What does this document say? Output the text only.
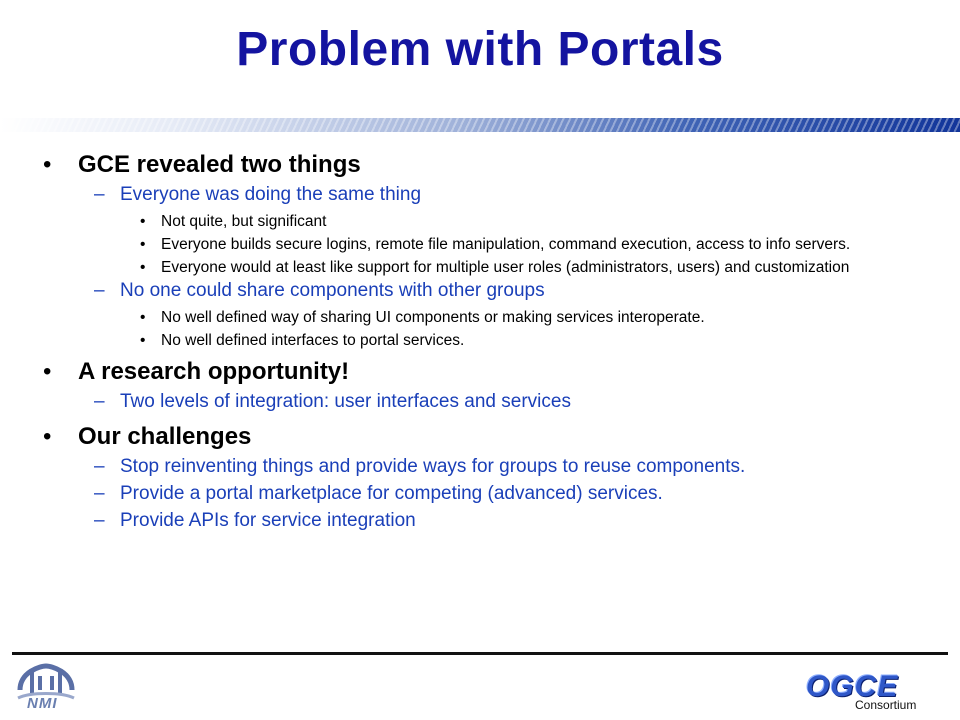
Problem with Portals
• GCE revealed two things
– Everyone was doing the same thing
• Not quite, but significant
• Everyone builds secure logins, remote file manipulation, command execution, access to info servers.
• Everyone would at least like support for multiple user roles (administrators, users) and customization
– No one could share components with other groups
• No well defined way of sharing UI components or making services interoperate.
• No well defined interfaces to portal services.
• A research opportunity!
– Two levels of integration: user interfaces and services
• Our challenges
– Stop reinventing things and provide ways for groups to reuse components.
– Provide a portal marketplace for competing (advanced) services.
– Provide APIs for service integration
NMI
OGCE
Consortium
